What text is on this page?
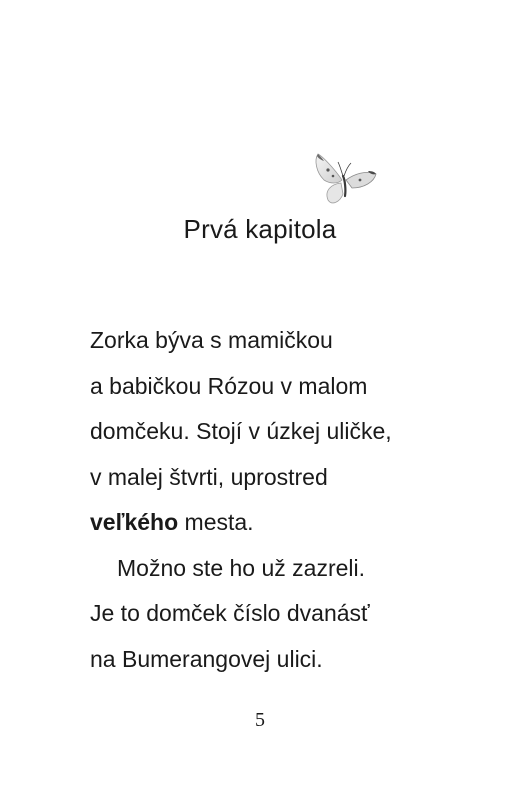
Prvá kapitola
Zorka býva s mamičkou
a babičkou Rózou v malom
domčeku. Stojí v úzkej uličke,
v malej štvrti, uprostred
veľkého mesta.
Možno ste ho už zazreli.
Je to domček číslo dvanásť
na Bumerangovej ulici.
5
